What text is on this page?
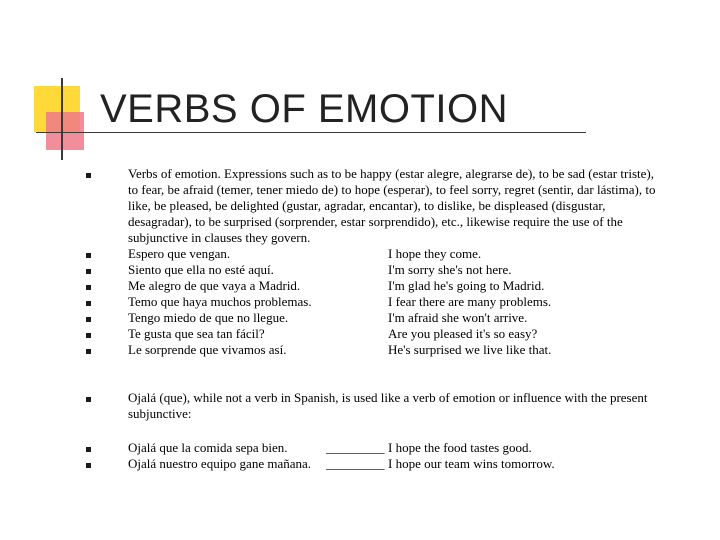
VERBS OF EMOTION
Verbs of emotion. Expressions such as to be happy (estar alegre, alegrarse de), to be sad (estar triste),
to fear, be afraid (temer, tener miedo de) to hope (esperar), to feel sorry, regret (sentir, dar lástima), to
like, be pleased, be delighted (gustar, agradar, encantar), to dislike, be displeased (disgustar,
desagradar), to be surprised (sorprender, estar sorprendido), etc., likewise require the use of the
subjunctive in clauses they govern.
Espero que vengan.	I hope they come.
Siento que ella no esté aquí.	I'm sorry she's not here.
Me alegro de que vaya a Madrid.	I'm glad he's going to Madrid.
Temo que haya muchos problemas.	I fear there are many problems.
Tengo miedo de que no llegue.	I'm afraid she won't arrive.
Te gusta que sea tan fácil?	Are you pleased it's so easy?
Le sorprende que vivamos así.	He's surprised we live like that.
Ojalá (que), while not a verb in Spanish, is used like a verb of emotion or influence with the present
subjunctive:
Ojalá que la comida sepa bien.	_________ I hope the food tastes good.
Ojalá nuestro equipo gane mañana. _________ I hope our team wins tomorrow.
